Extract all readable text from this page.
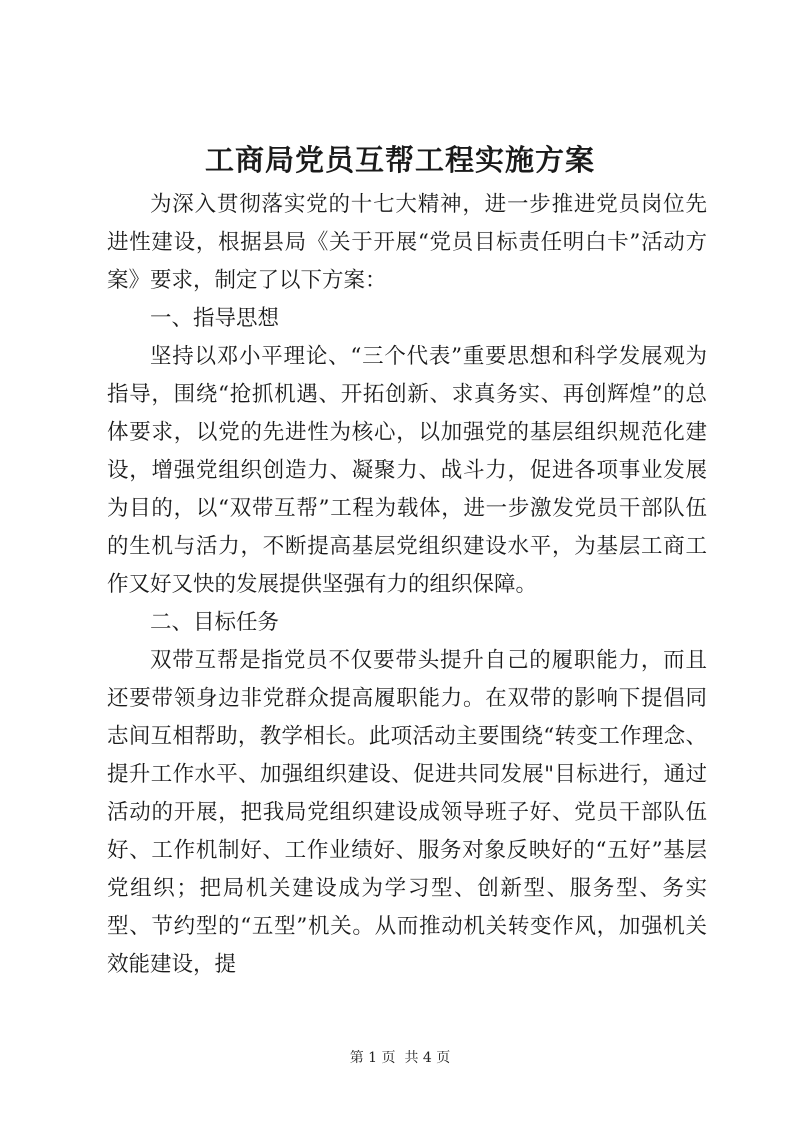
工商局党员互帮工程实施方案

为深入贯彻落实党的十七大精神，进一步推进党员岗位先进性建设，根据县局《关于开展“党员目标责任明白卡”活动方案》要求，制定了以下方案：

一、指导思想

坚持以邓小平理论、“三个代表”重要思想和科学发展观为指导，围绕“抢抓机遇、开拓创新、求真务实、再创辉煌”的总体要求，以党的先进性为核心，以加强党的基层组织规范化建设，增强党组织创造力、凝聚力、战斗力，促进各项事业发展为目的，以“双带互帮”工程为载体，进一步激发党员干部队伍的生机与活力，不断提高基层党组织建设水平，为基层工商工作又好又快的发展提供坚强有力的组织保障。

二、目标任务

双带互帮是指党员不仅要带头提升自己的履职能力，而且还要带领身边非党群众提高履职能力。在双带的影响下提倡同志间互相帮助，教学相长。此项活动主要围绕“转变工作理念、提升工作水平、加强组织建设、促进共同发展"目标进行，通过活动的开展，把我局党组织建设成领导班子好、党员干部队伍好、工作机制好、工作业绩好、服务对象反映好的“五好”基层党组织；把局机关建设成为学习型、创新型、服务型、务实型、节约型的“五型”机关。从而推动机关转变作风，加强机关效能建设，提

第 1 页  共 4 页
